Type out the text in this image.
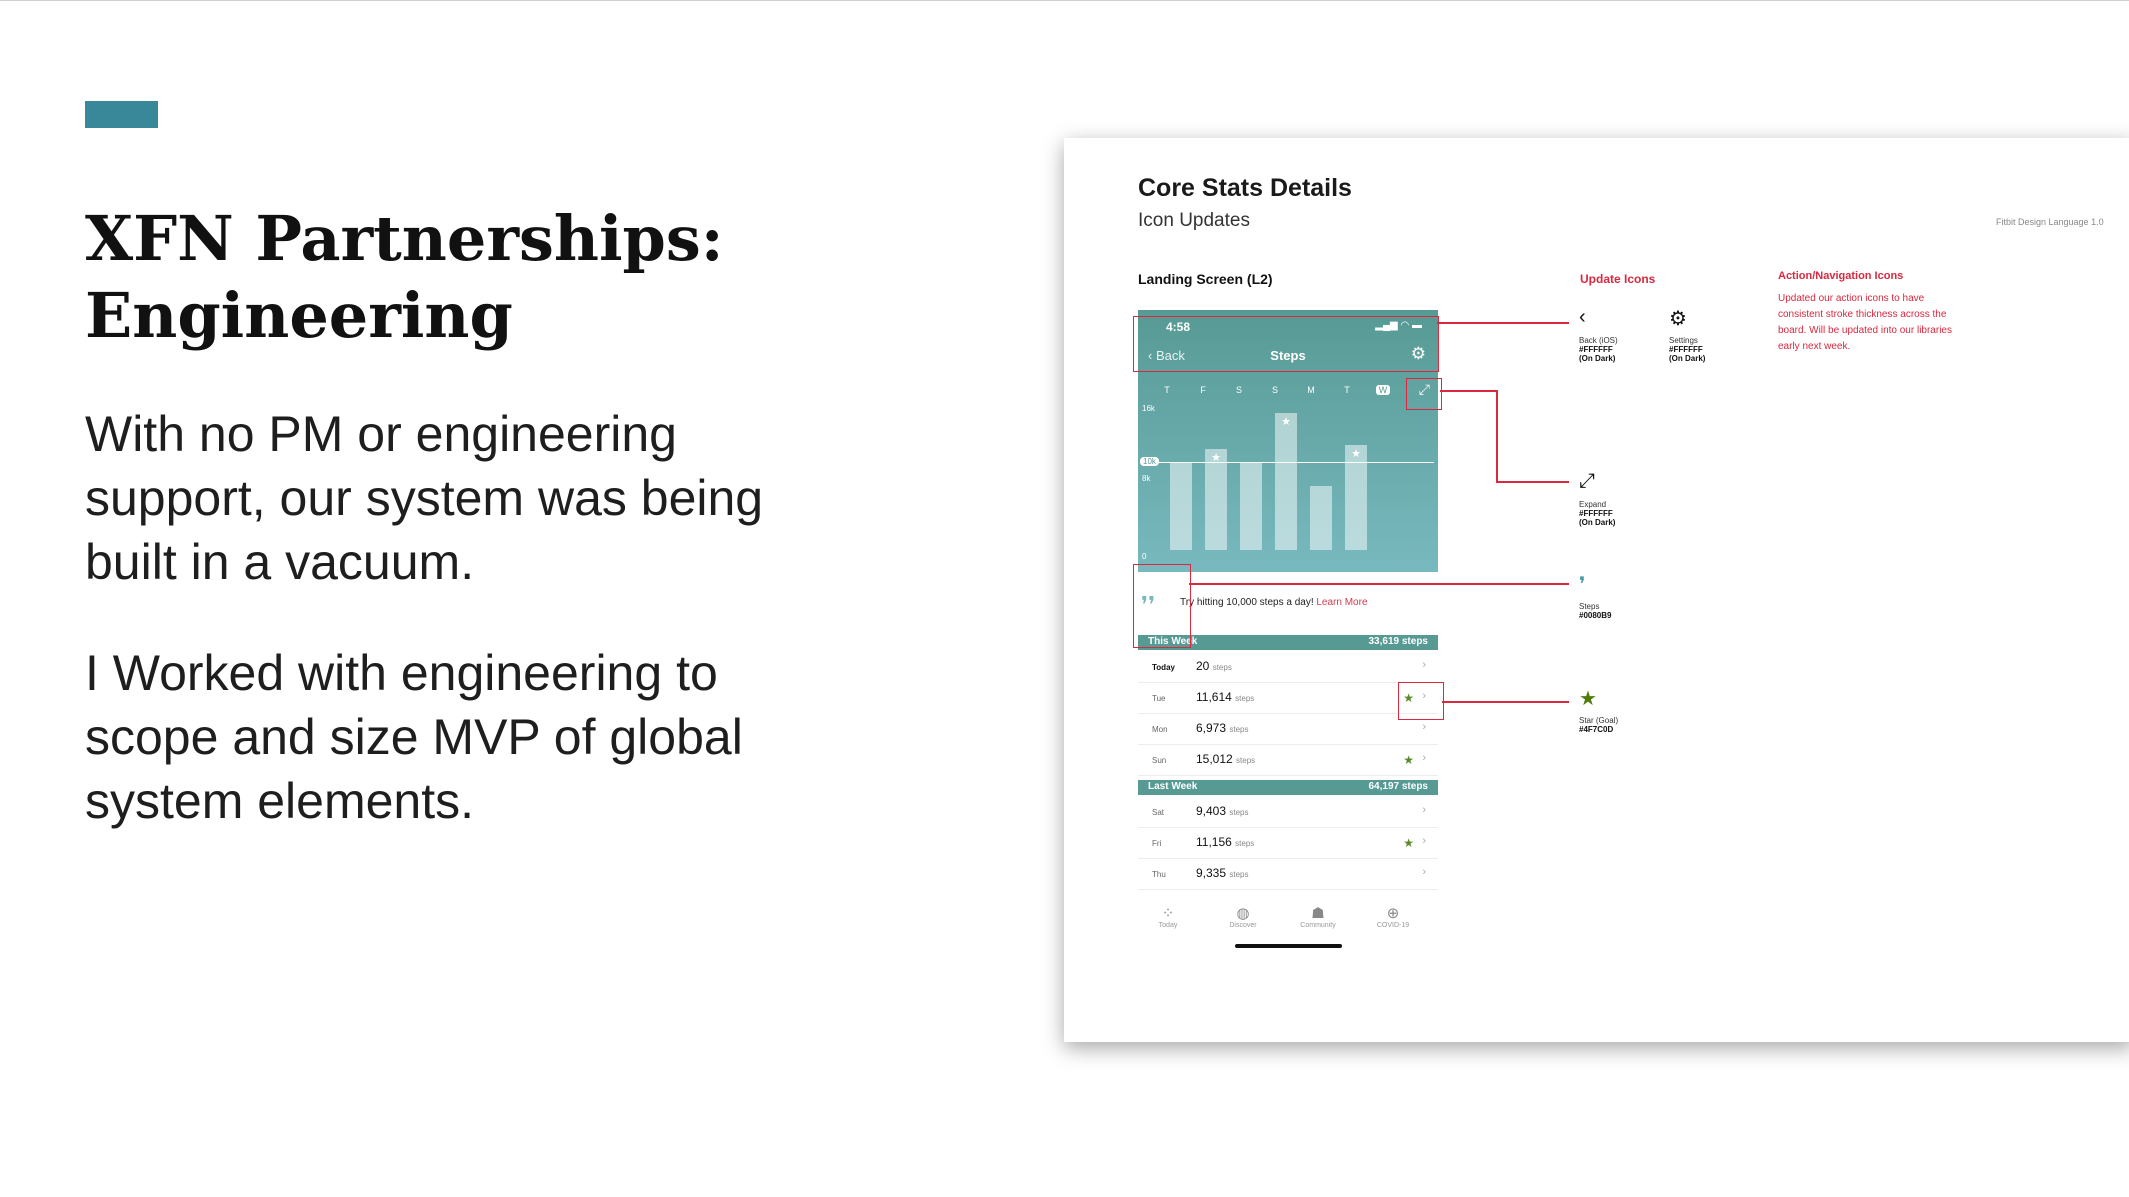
XFN Partnerships:
Engineering
With no PM or engineering
support, our system was being
built in a vacuum.
I Worked with engineering to
scope and size MVP of global
system elements.
Core Stats Details
Icon Updates	Fitbit Design Language 1.0
Landing Screen (L2)
4:58	▂▄▆ ◠ ▬
‹ Back	Steps	⚙
T	F	S	S	M	T	W ⤢
16k
10k
8k
0
★
★
★
❜❜ Try hitting 10,000 steps a day! Learn More
This Week	33,619 steps
Today 20 steps	›
Tue	11,614 steps	★ ›
Mon 6,973 steps	›
Sun 15,012 steps	★ ›
Last Week	64,197 steps
Sat	9,403 steps	›
Fri	11,156 steps	★ ›
Thu	9,335 steps	›
⁘
Today
◍
Discover
☗
Community
⊕
COVID-19
Update Icons
‹
Back (iOS)
#FFFFFF
(On Dark)
⚙
Settings
#FFFFFF
(On Dark)
⤢
Expand
#FFFFFF
(On Dark)
❜
Steps
#0080B9
★
Star (Goal)
#4F7C0D
Action/Navigation Icons
Updated our action icons to have
consistent stroke thickness across the
board. Will be updated into our libraries
early next week.
